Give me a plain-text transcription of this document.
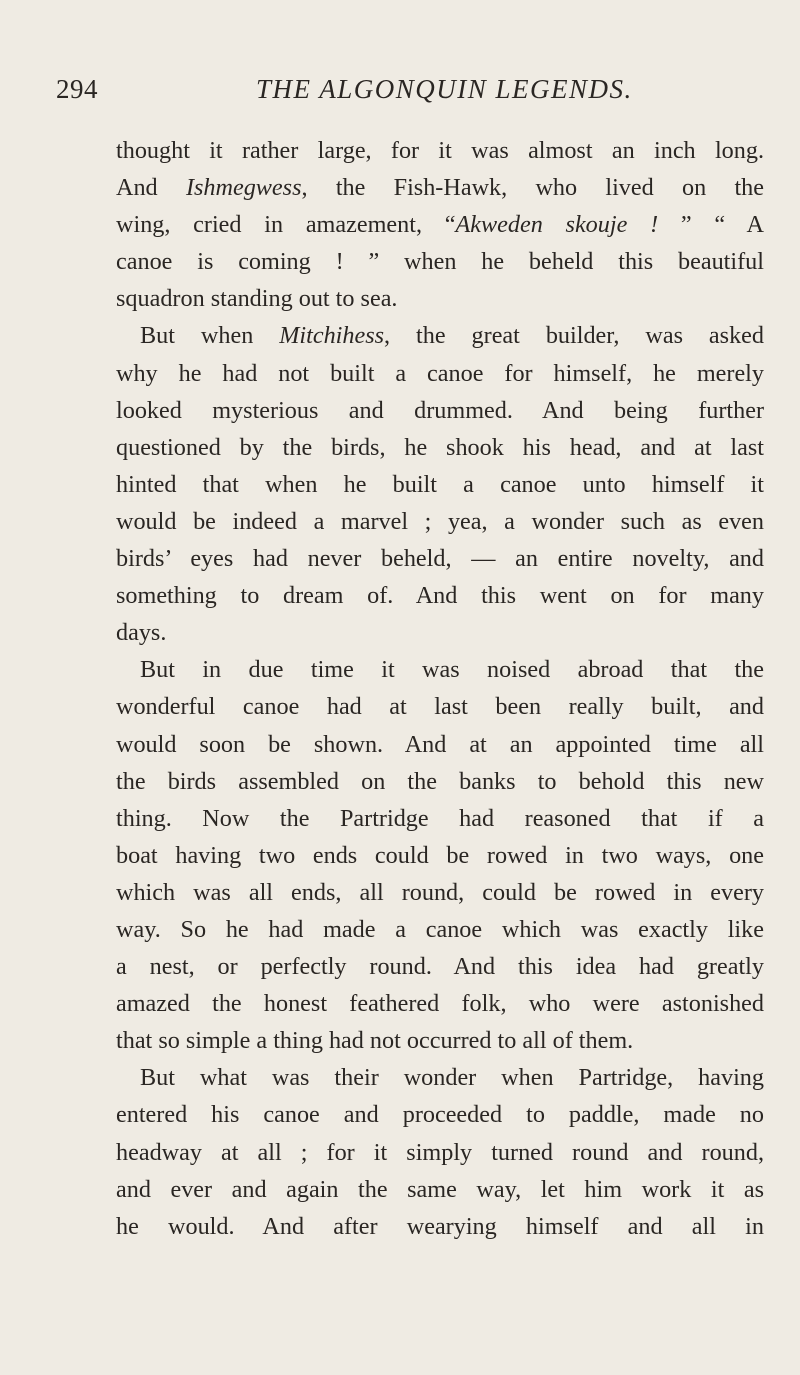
294	THE ALGONQUIN LEGENDS.
thought it rather large, for it was almost an inch long.
And Ishmegwess, the Fish-Hawk, who lived on the
wing, cried in amazement, “Akweden skouje ! ” “ A
canoe is coming ! ” when he beheld this beautiful
squadron standing out to sea.
But when Mitchihess, the great builder, was asked
why he had not built a canoe for himself, he merely
looked mysterious and drummed. And being further
questioned by the birds, he shook his head, and at last
hinted that when he built a canoe unto himself it
would be indeed a marvel ; yea, a wonder such as even
birds’ eyes had never beheld, — an entire novelty, and
something to dream of. And this went on for many
days.
But in due time it was noised abroad that the
wonderful canoe had at last been really built, and
would soon be shown. And at an appointed time all
the birds assembled on the banks to behold this new
thing. Now the Partridge had reasoned that if a
boat having two ends could be rowed in two ways, one
which was all ends, all round, could be rowed in every
way. So he had made a canoe which was exactly like
a nest, or perfectly round. And this idea had greatly
amazed the honest feathered folk, who were astonished
that so simple a thing had not occurred to all of them.
But what was their wonder when Partridge, having
entered his canoe and proceeded to paddle, made no
headway at all ; for it simply turned round and round,
and ever and again the same way, let him work it as
he would. And after wearying himself and all in
